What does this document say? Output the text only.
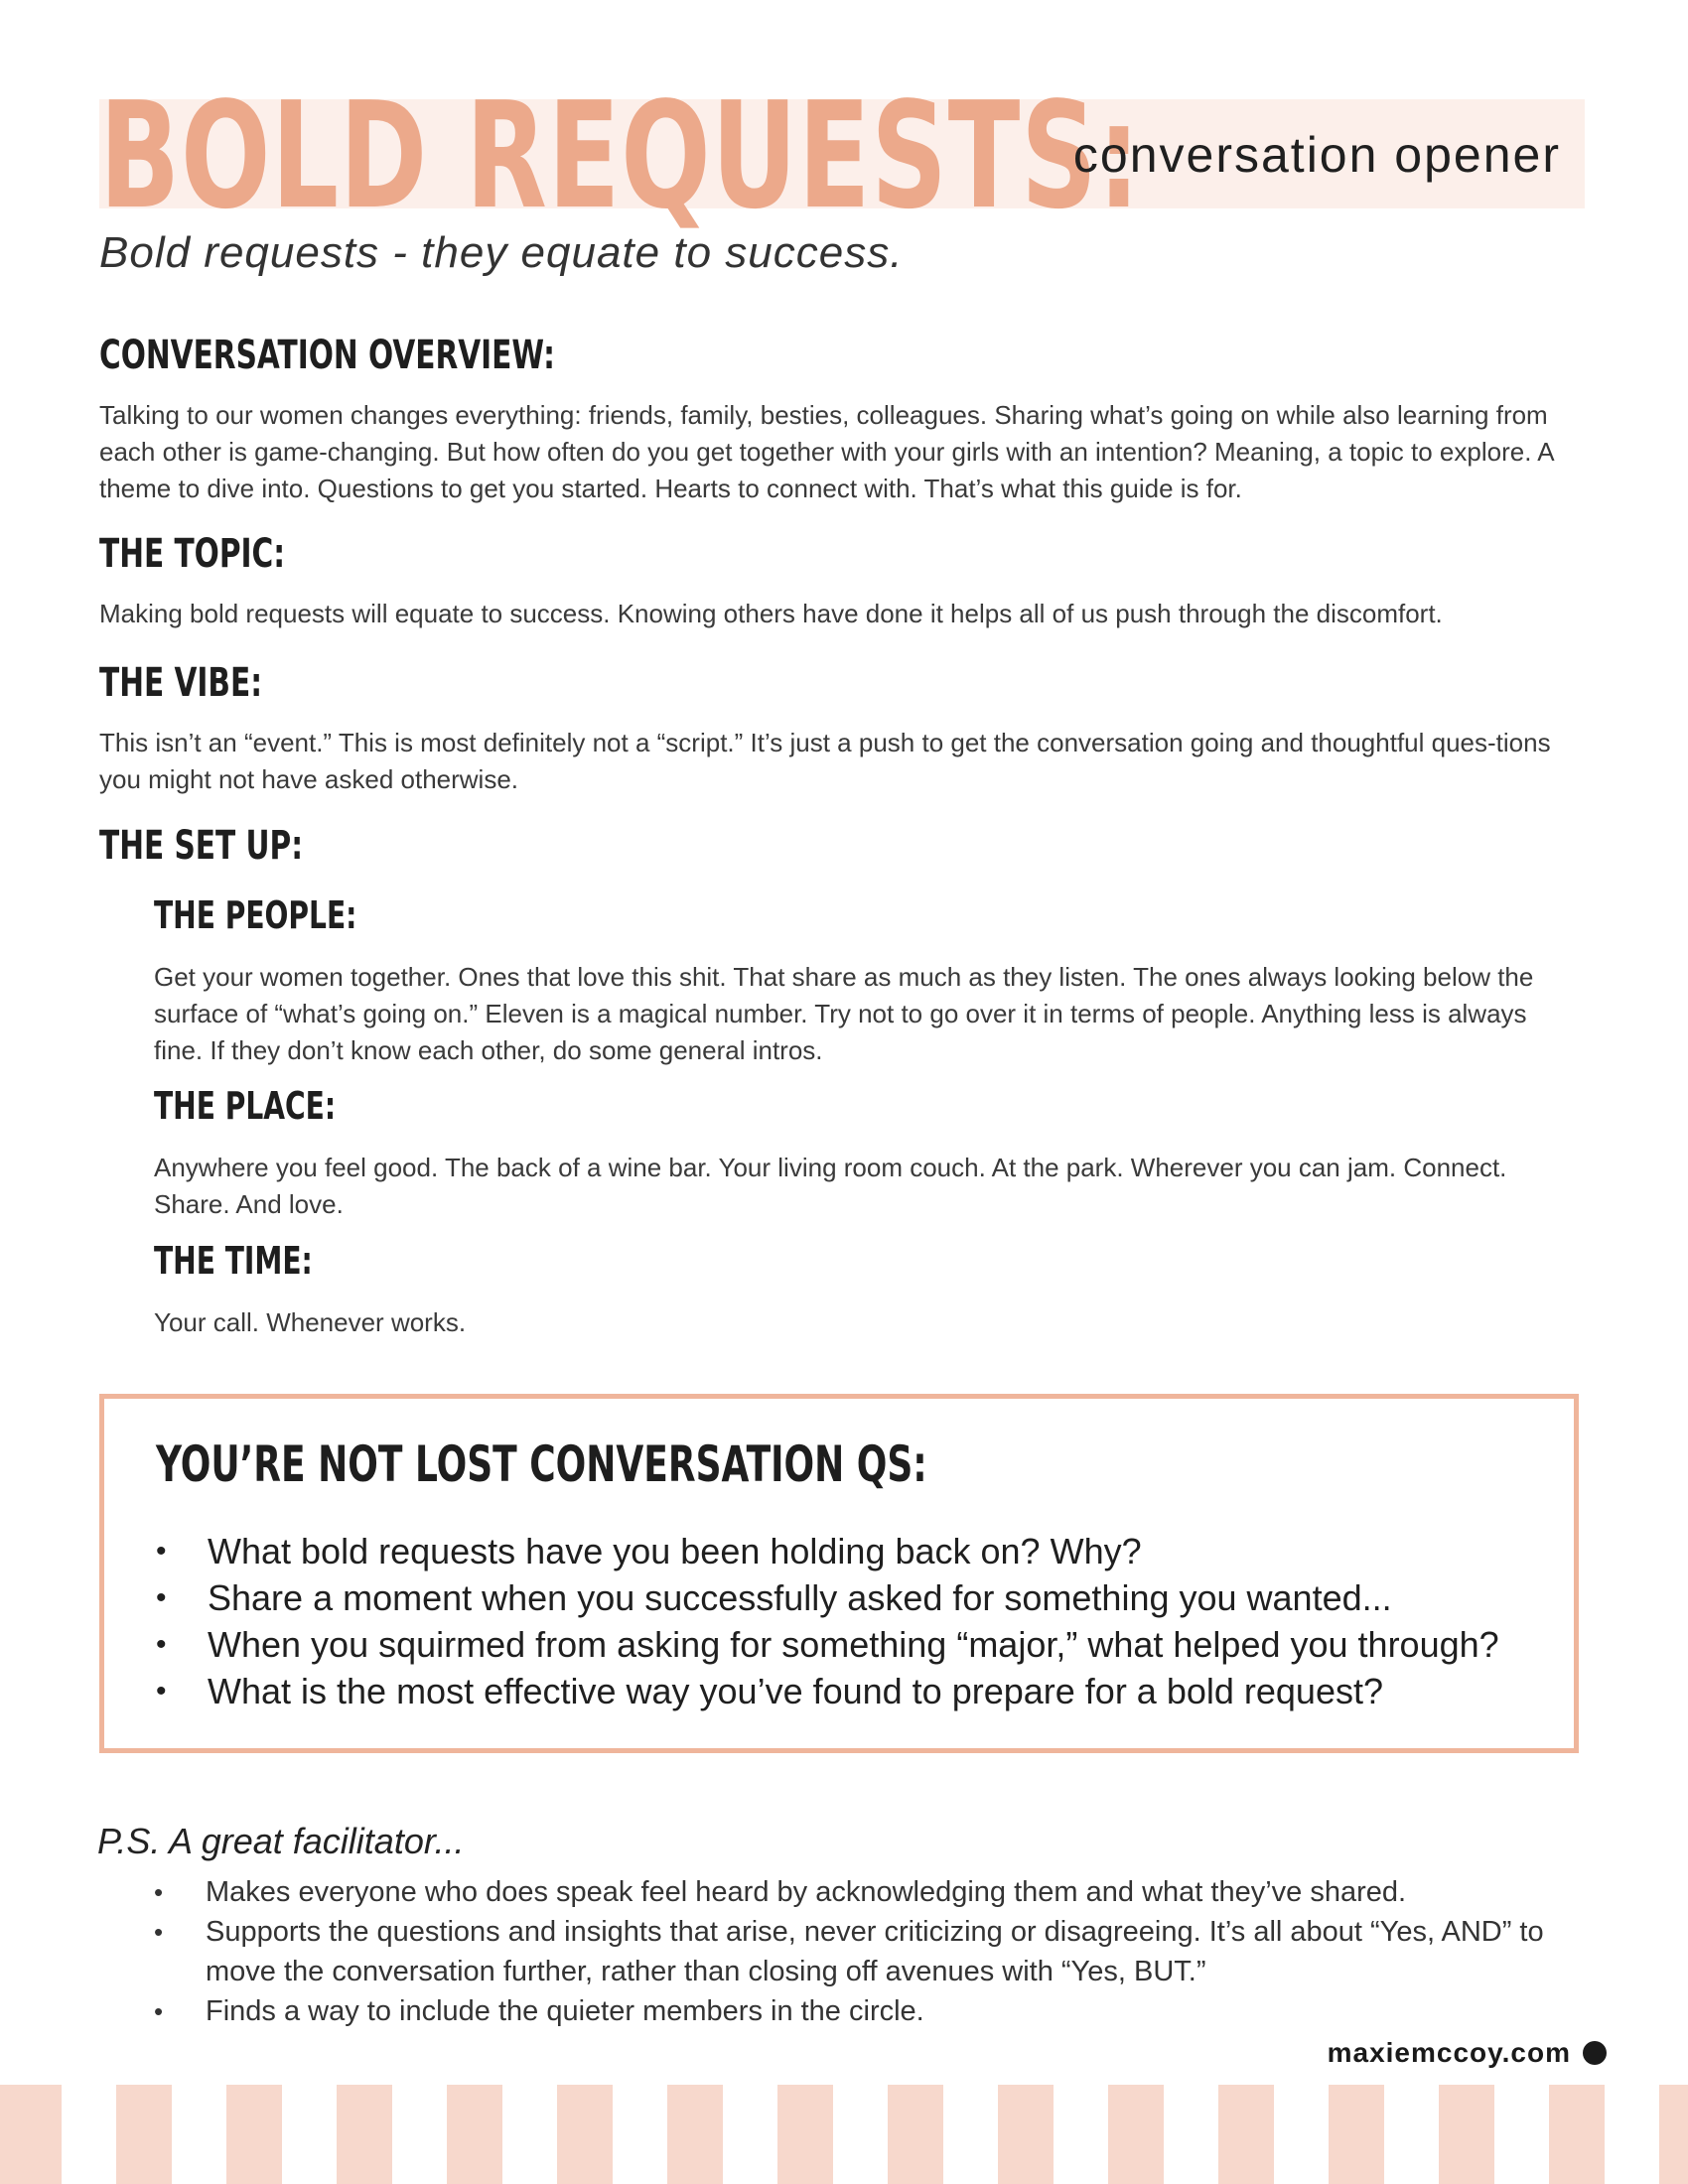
BOLD REQUESTS:
conversation opener
Bold requests - they equate to success.
CONVERSATION OVERVIEW:

Talking to our women changes everything: friends, family, besties, colleagues. Sharing what’s going on while also learning from each other is game-changing. But how often do you get together with your girls with an intention? Meaning, a topic to explore. A theme to dive into. Questions to get you started. Hearts to connect with. That’s what this guide is for.

THE TOPIC:

Making bold requests will equate to success. Knowing others have done it helps all of us push through the discomfort.

THE VIBE:

This isn’t an “event.” This is most definitely not a “script.” It’s just a push to get the conversation going and thoughtful ques-tions you might not have asked otherwise.

THE SET UP:
THE PEOPLE:

Get your women together. Ones that love this shit. That share as much as they listen. The ones always looking below the surface of “what’s going on.” Eleven is a magical number. Try not to go over it in terms of people. Anything less is always fine. If they don’t know each other, do some general intros.

THE PLACE:

Anywhere you feel good. The back of a wine bar. Your living room couch. At the park. Wherever you can jam. Connect. Share. And love.

THE TIME:

Your call. Whenever works.

YOU’RE NOT LOST CONVERSATION QS:
• What bold requests have you been holding back on? Why?
• Share a moment when you successfully asked for something you wanted...
• When you squirmed from asking for something “major,” what helped you through?
• What is the most effective way you’ve found to prepare for a bold request?
P.S. A great facilitator...
• Makes everyone who does speak feel heard by acknowledging them and what they’ve shared.
• Supports the questions and insights that arise, never criticizing or disagreeing. It’s all about “Yes, AND” to move the conversation further, rather than closing off avenues with “Yes, BUT.”
• Finds a way to include the quieter members in the circle.
maxiemccoy.com
